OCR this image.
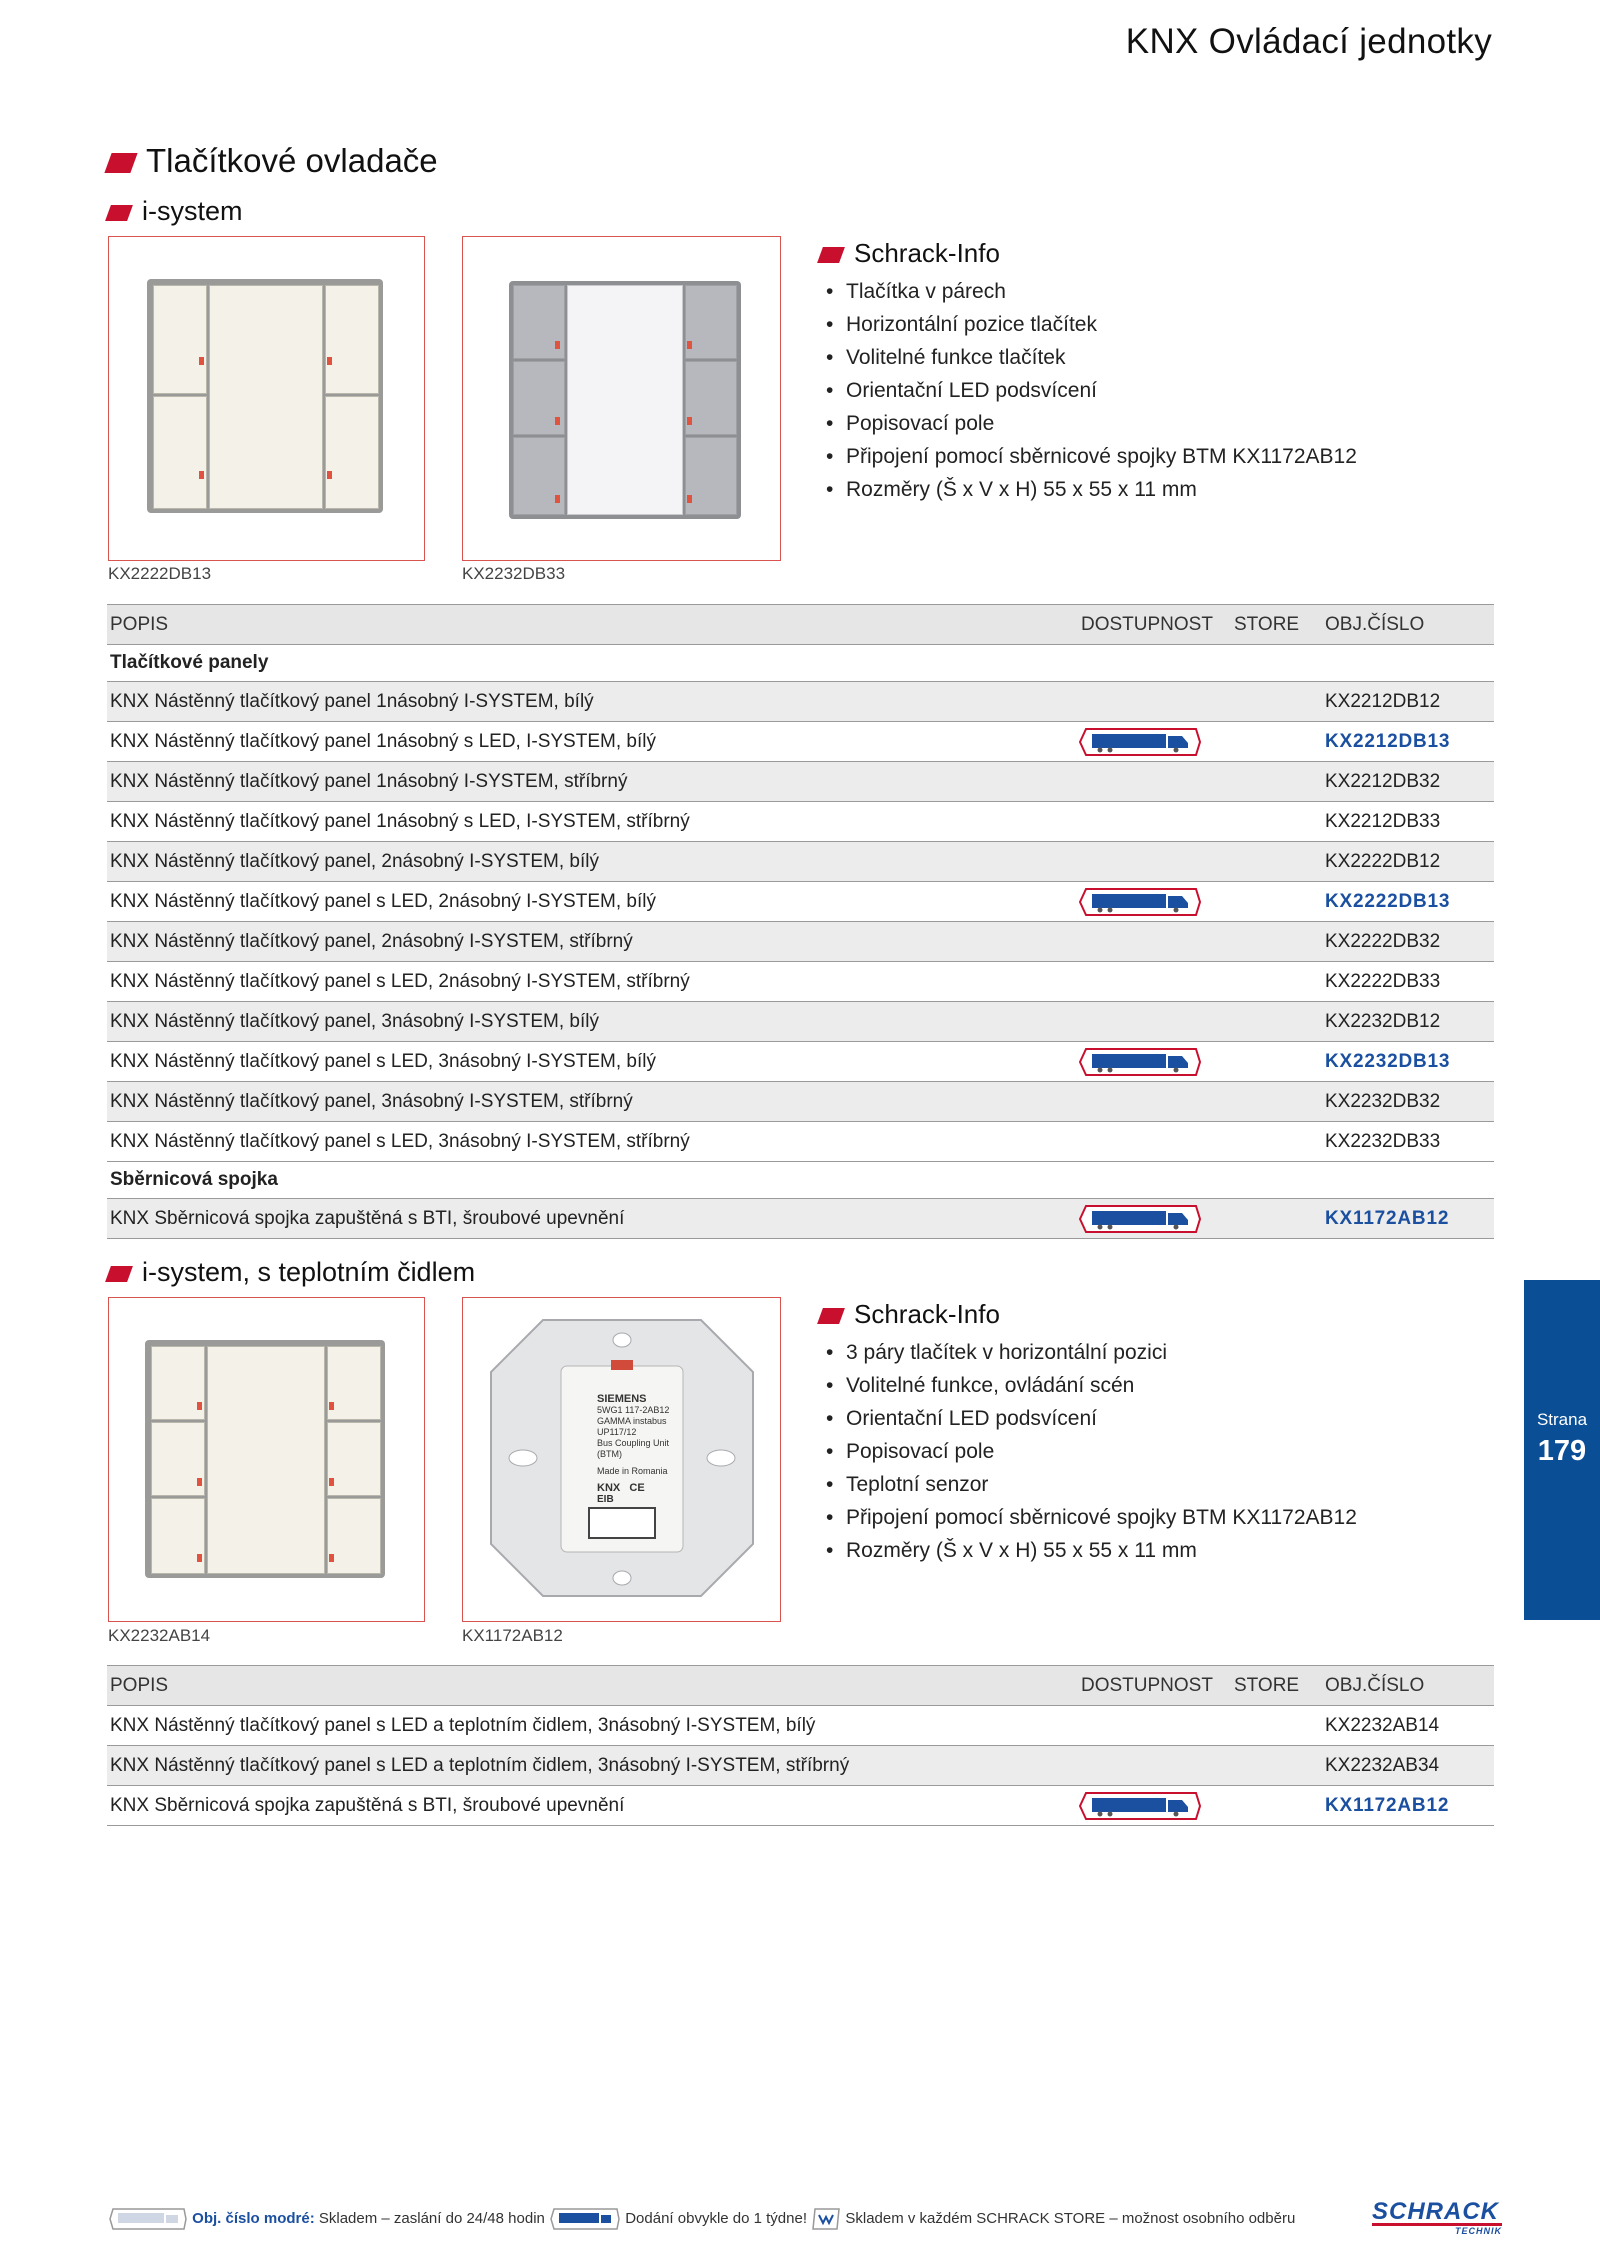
KNX Ovládací jednotky
Tlačítkové ovladače
i-system
KX2222DB13	KX2232DB33
Schrack-Info
• Tlačítka v párech
• Horizontální pozice tlačítek
• Volitelné funkce tlačítek
• Orientační LED podsvícení
• Popisovací pole
• Připojení pomocí sběrnicové spojky BTM KX1172AB12
• Rozměry (Š x V x H) 55 x 55 x 11 mm
POPIS	DOSTUPNOST	STORE	OBJ.ČÍSLO
Tlačítkové panely			
KNX Nástěnný tlačítkový panel 1násobný I-SYSTEM, bílý			KX2212DB12
KNX Nástěnný tlačítkový panel 1násobný s LED, I-SYSTEM, bílý			KX2212DB13
KNX Nástěnný tlačítkový panel 1násobný I-SYSTEM, stříbrný			KX2212DB32
KNX Nástěnný tlačítkový panel 1násobný s LED, I-SYSTEM, stříbrný			KX2212DB33
KNX Nástěnný tlačítkový panel, 2násobný I-SYSTEM, bílý			KX2222DB12
KNX Nástěnný tlačítkový panel s LED, 2násobný I-SYSTEM, bílý			KX2222DB13
KNX Nástěnný tlačítkový panel, 2násobný I-SYSTEM, stříbrný			KX2222DB32
KNX Nástěnný tlačítkový panel s LED, 2násobný I-SYSTEM, stříbrný			KX2222DB33
KNX Nástěnný tlačítkový panel, 3násobný I-SYSTEM, bílý			KX2232DB12
KNX Nástěnný tlačítkový panel s LED, 3násobný I-SYSTEM, bílý			KX2232DB13
KNX Nástěnný tlačítkový panel, 3násobný I-SYSTEM, stříbrný			KX2232DB32
KNX Nástěnný tlačítkový panel s LED, 3násobný I-SYSTEM, stříbrný			KX2232DB33
Sběrnicová spojka			
KNX Sběrnicová spojka zapuštěná s BTI, šroubové upevnění			KX1172AB12
i-system, s teplotním čidlem
SIEMENS
5WG1 117-2AB12
GAMMA instabus
UP117/12
Bus Coupling Unit
(BTM)
Made in Romania
KNX CE
EIB
KX2232AB14	KX1172AB12
Schrack-Info
• 3 páry tlačítek v horizontální pozici
• Volitelné funkce, ovládání scén
• Orientační LED podsvícení
• Popisovací pole
• Teplotní senzor
• Připojení pomocí sběrnicové spojky BTM KX1172AB12
• Rozměry (Š x V x H) 55 x 55 x 11 mm
POPIS	DOSTUPNOST	STORE	OBJ.ČÍSLO
KNX Nástěnný tlačítkový panel s LED a teplotním čidlem, 3násobný I-SYSTEM, bílý			KX2232AB14
KNX Nástěnný tlačítkový panel s LED a teplotním čidlem, 3násobný I-SYSTEM, stříbrný			KX2232AB34
KNX Sběrnicová spojka zapuštěná s BTI, šroubové upevnění			KX1172AB12
Strana
179
Obj. číslo modré: Skladem – zaslání do 24/48 hodin	Dodání obvykle do 1 týdne!	Skladem v každém SCHRACK STORE – možnost osobního odběru	SCHRACK
TECHNIK
